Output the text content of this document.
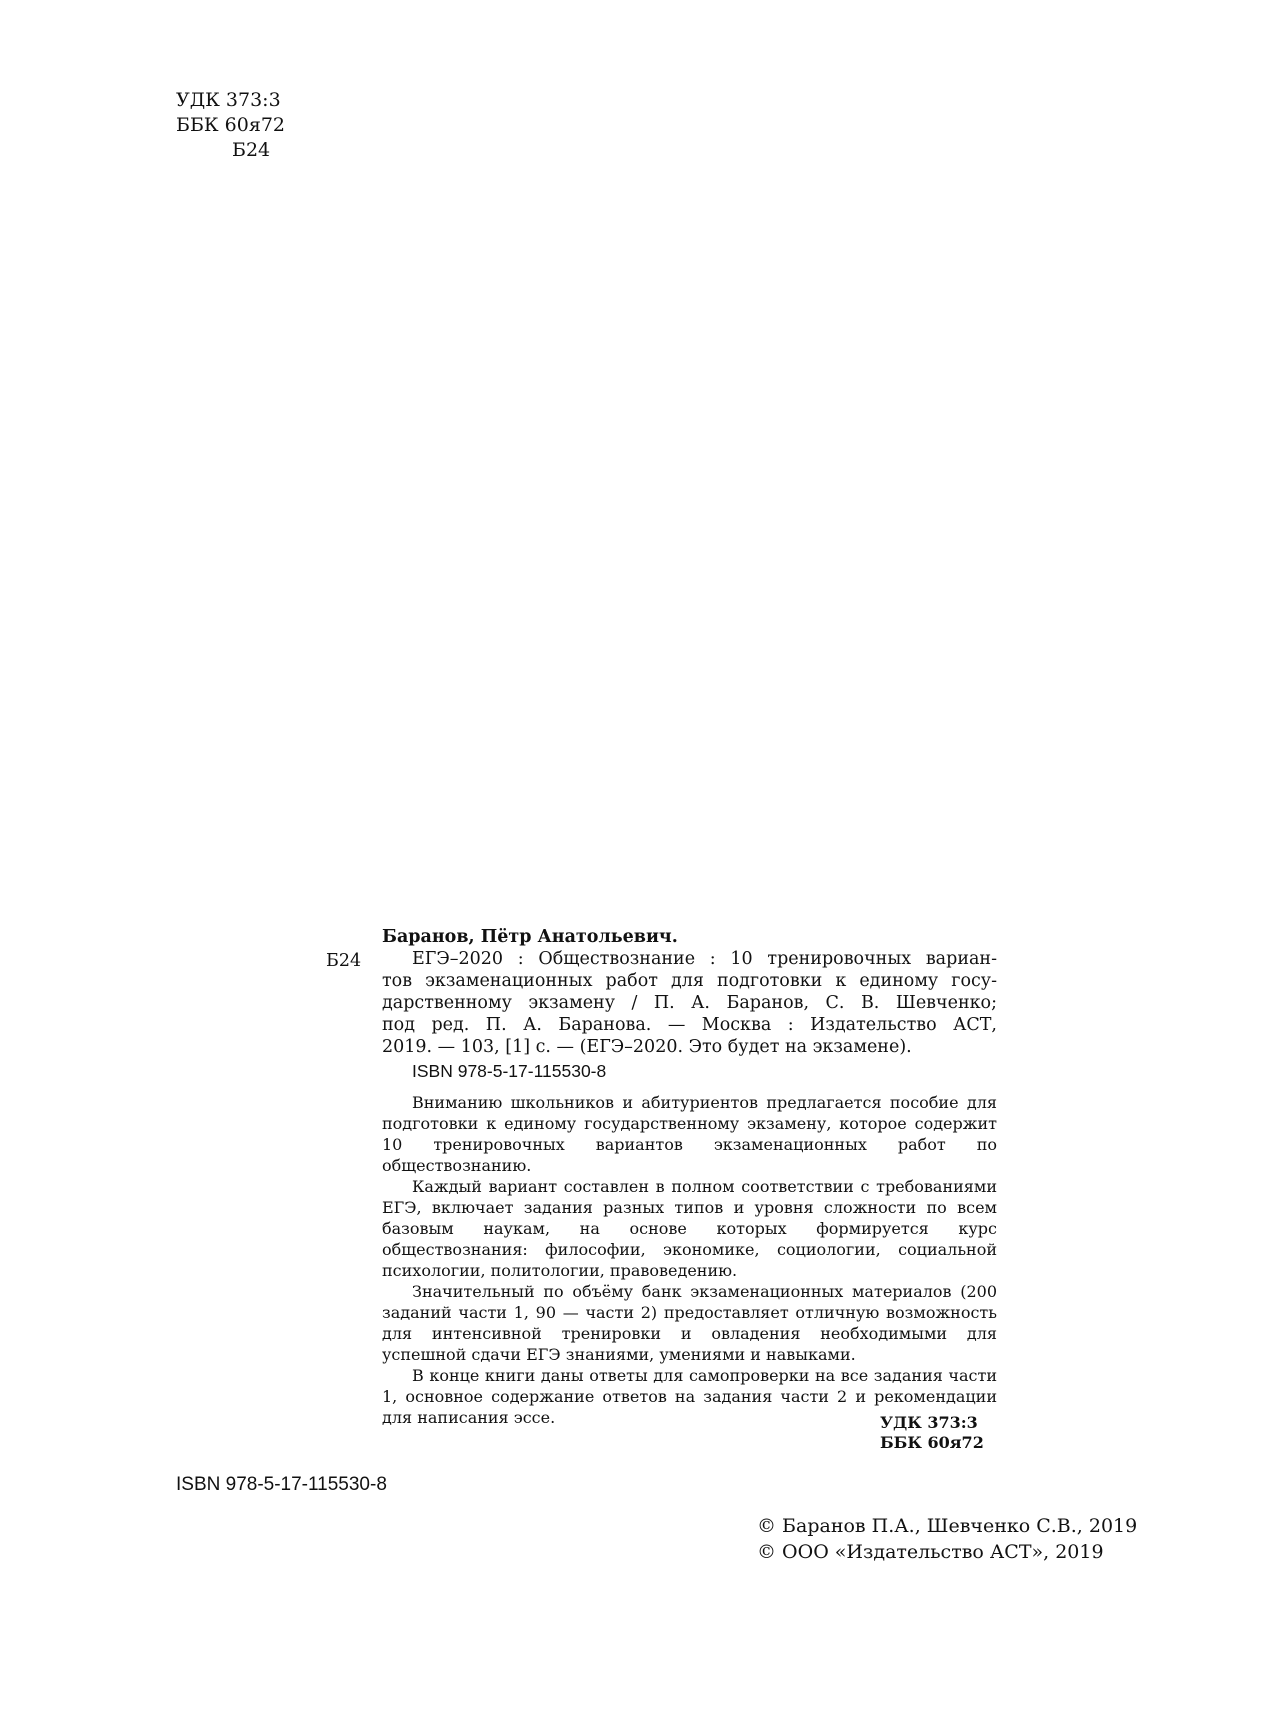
УДК 373:3
ББК 60я72
Б24
Б24
Баранов, Пётр Анатольевич.

ЕГЭ–2020 : Обществознание : 10 тренировочных вариан-

тов экзаменационных работ для подготовки к единому госу-
дарственному экзамену / П. А. Баранов, С. В. Шевченко;
под ред. П. А. Баранова. — Москва : Издательство АСТ,
2019. — 103, [1] с. — (ЕГЭ–2020. Это будет на экзамене).
ISBN 978-5-17-115530-8

Вниманию школьников и абитуриентов предлагается пособие для подготовки к единому государственному экзамену, которое содержит 10 тренировочных вариантов экзаменационных работ по обществознанию.

Каждый вариант составлен в полном соответствии с требованиями ЕГЭ, включает задания разных типов и уровня сложности по всем базовым наукам, на основе которых формируется курс обществознания: философии, экономике, социологии, социальной психологии, политологии, правоведению.

Значительный по объёму банк экзаменационных материалов (200 заданий части 1, 90 — части 2) предоставляет отличную возможность для интенсивной тренировки и овладения необходимыми для успешной сдачи ЕГЭ знаниями, умениями и навыками.

В конце книги даны ответы для самопроверки на все задания части 1, основное содержание ответов на задания части 2 и рекомендации для написания эссе.	УДК 373:3
ББК 60я72
ISBN 978-5-17-115530-8
© Баранов П.А., Шевченко С.В., 2019
© ООО «Издательство АСТ», 2019
